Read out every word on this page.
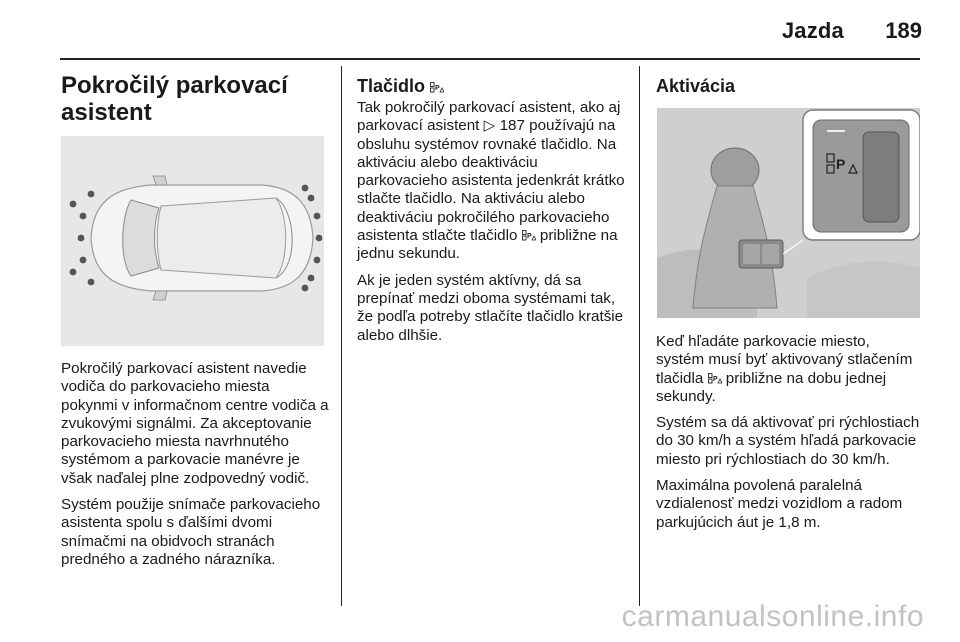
Jazda 189
Pokročilý parkovací
asistent

Pokročilý parkovací asistent navedie vodiča do parkovacieho miesta pokynmi v informačnom centre vodiča a zvukovými signálmi. Za akceptovanie parkovacieho miesta navrhnutého systémom a parkovacie manévre je však naďalej plne zodpovedný vodič.

Systém použije snímače parkovacieho asistenta spolu s ďalšími dvomi snímačmi na obidvoch stranách predného a zadného nárazníka.

Tlačidlo P

Tak pokročilý parkovací asistent, ako aj parkovací asistent ▷ 187 používajú na obsluhu systémov rovnaké tlačidlo. Na aktiváciu alebo deaktiváciu parkovacieho asistenta jedenkrát krátko stlačte tlačidlo. Na aktiváciu alebo deaktiváciu pokročilého parkovacieho asistenta stlačte tlačidlo P približne na jednu sekundu.

Ak je jeden systém aktívny, dá sa prepínať medzi oboma systémami tak, že podľa potreby stlačíte tlačidlo kratšie alebo dlhšie.

Aktivácia
P

Keď hľadáte parkovacie miesto, systém musí byť aktivovaný stlačením tlačidla P približne na dobu jednej sekundy.

Systém sa dá aktivovať pri rýchlostiach do 30 km/h a systém hľadá parkovacie miesto pri rýchlostiach do 30 km/h.

Maximálna povolená paralelná vzdialenosť medzi vozidlom a radom parkujúcich áut je 1,8 m.

carmanualsonline.info
